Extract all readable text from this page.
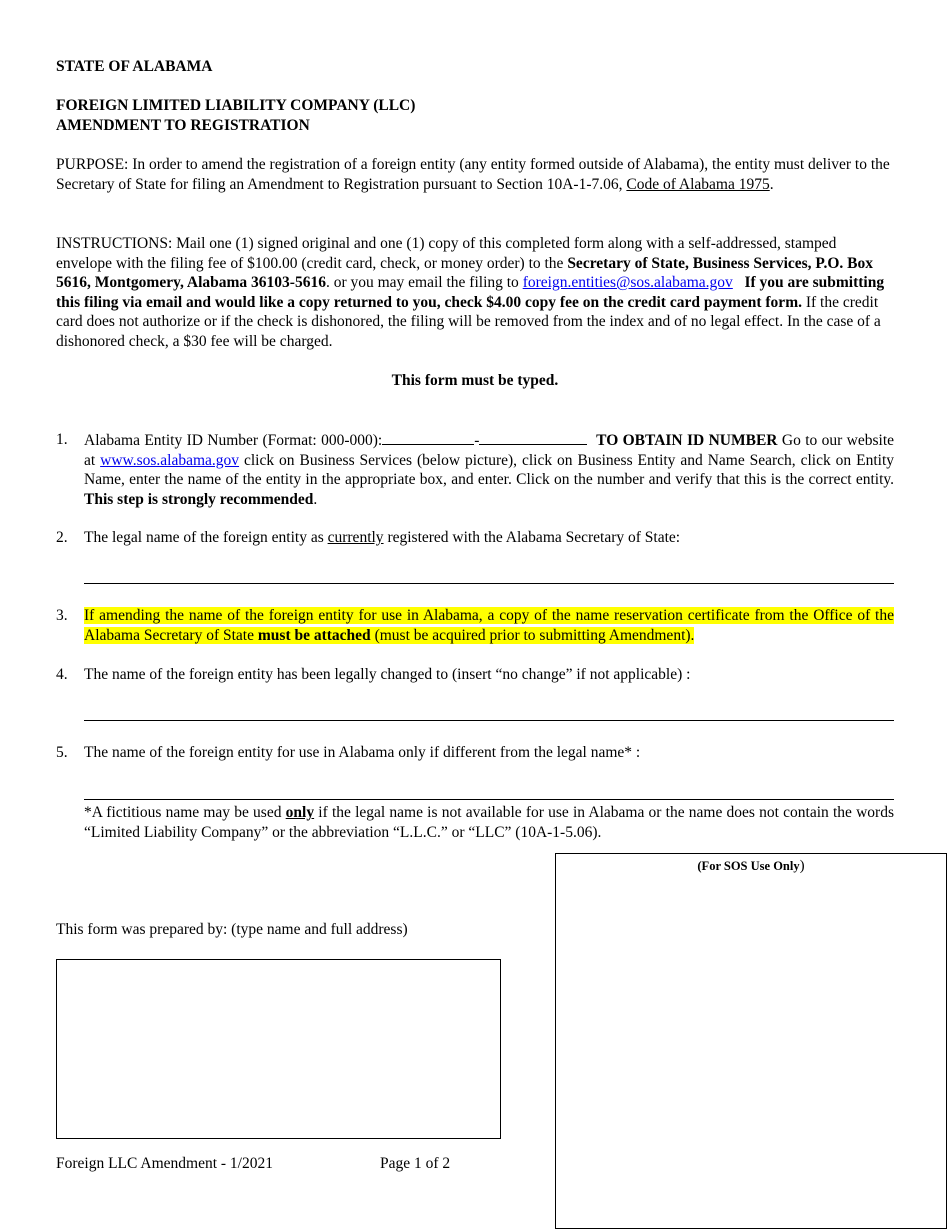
STATE OF ALABAMA
FOREIGN LIMITED LIABILITY COMPANY (LLC)
AMENDMENT TO REGISTRATION
PURPOSE: In order to amend the registration of a foreign entity (any entity formed outside of Alabama), the entity must deliver to the Secretary of State for filing an Amendment to Registration pursuant to Section 10A-1-7.06, Code of Alabama 1975.
INSTRUCTIONS: Mail one (1) signed original and one (1) copy of this completed form along with a self-addressed, stamped envelope with the filing fee of $100.00 (credit card, check, or money order) to the Secretary of State, Business Services, P.O. Box 5616, Montgomery, Alabama 36103-5616. or you may email the filing to foreign.entities@sos.alabama.gov If you are submitting this filing via email and would like a copy returned to you, check $4.00 copy fee on the credit card payment form. If the credit card does not authorize or if the check is dishonored, the filing will be removed from the index and of no legal effect. In the case of a dishonored check, a $30 fee will be charged.
This form must be typed.
1. Alabama Entity ID Number (Format: 000-000):	-	TO OBTAIN ID NUMBER Go to our website at www.sos.alabama.gov click on Business Services (below picture), click on Business Entity and Name Search, click on Entity Name, enter the name of the entity in the appropriate box, and enter. Click on the number and verify that this is the correct entity. This step is strongly recommended.
2. The legal name of the foreign entity as currently registered with the Alabama Secretary of State:
3. If amending the name of the foreign entity for use in Alabama, a copy of the name reservation certificate from the Office of the Alabama Secretary of State must be attached (must be acquired prior to submitting Amendment).
4. The name of the foreign entity has been legally changed to (insert “no change” if not applicable) :
5. The name of the foreign entity for use in Alabama only if different from the legal name* :
*A fictitious name may be used only if the legal name is not available for use in Alabama or the name does not contain the words “Limited Liability Company” or the abbreviation “L.L.C.” or “LLC” (10A-1-5.06).
(For SOS Use Only)
This form was prepared by: (type name and full address)
Foreign LLC Amendment - 1/2021	Page 1 of 2
